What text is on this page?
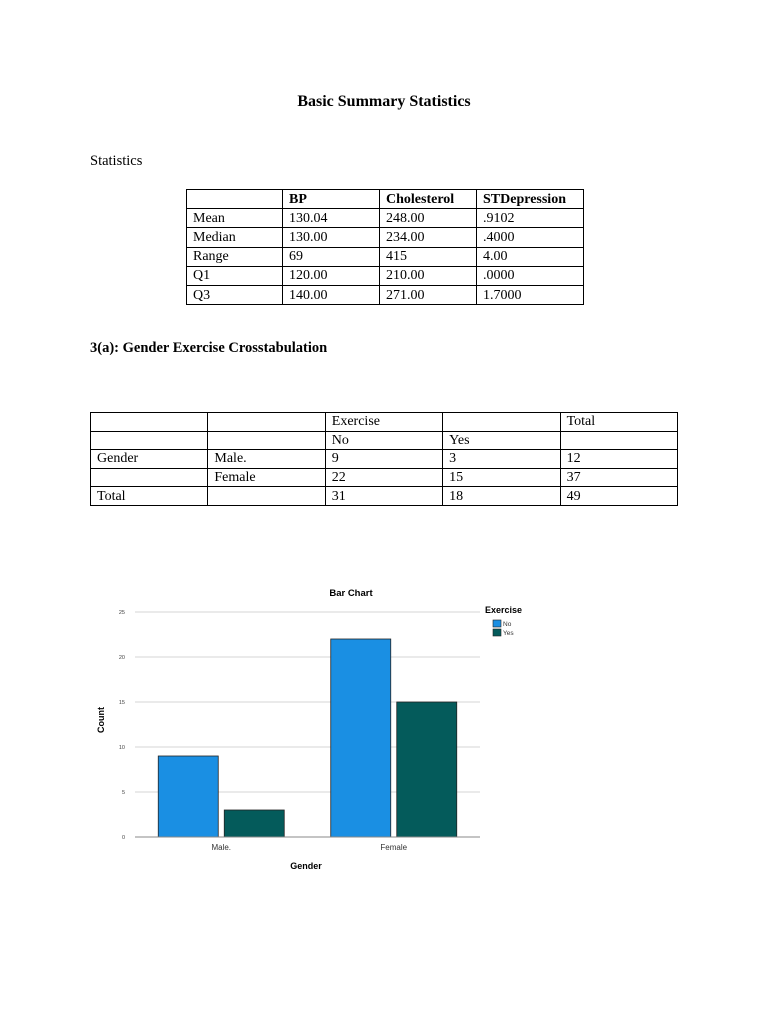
Basic Summary Statistics
Statistics
	BP	Cholesterol	STDepression
Mean	130.04	248.00	.9102
Median	130.00	234.00	.4000
Range	69	415	4.00
Q1	120.00	210.00	.0000
Q3	140.00	271.00	1.7000
3(a): Gender Exercise Crosstabulation
		Exercise		Total
		No	Yes	
Gender	Male.	9	3	12
	Female	22	15	37
Total		31	18	49
Bar Chart
0
5
10
15
20
25
Male.	Female
Count
Gender
Exercise
No
Yes
